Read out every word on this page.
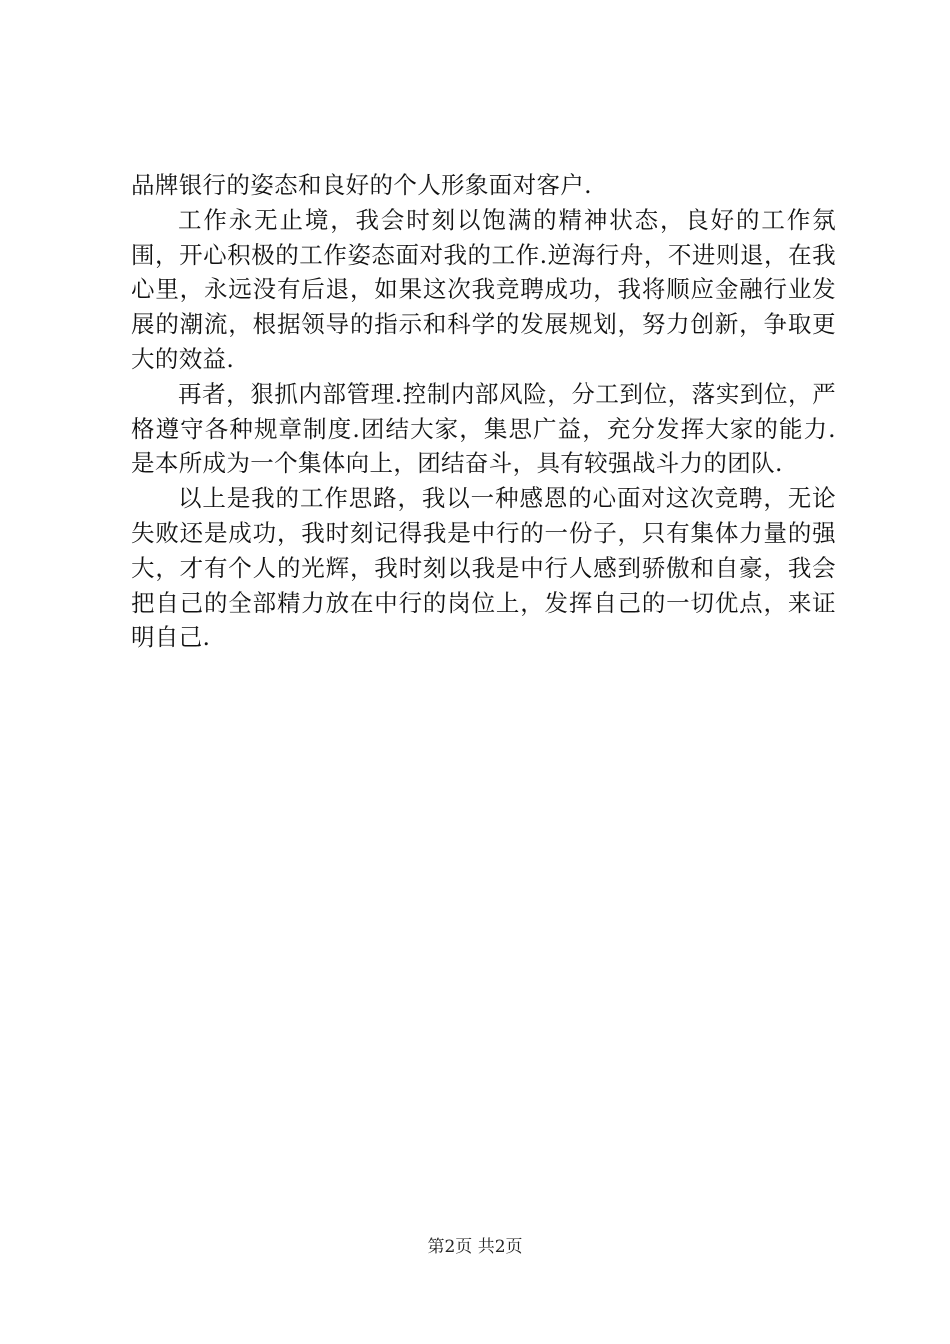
品牌银行的姿态和良好的个人形象面对客户.

工作永无止境，我会时刻以饱满的精神状态，良好的工作氛围，开心积极的工作姿态面对我的工作.逆海行舟，不进则退，在我心里，永远没有后退，如果这次我竞聘成功，我将顺应金融行业发展的潮流，根据领导的指示和科学的发展规划，努力创新，争取更大的效益.

再者，狠抓内部管理.控制内部风险，分工到位，落实到位，严格遵守各种规章制度.团结大家，集思广益，充分发挥大家的能力.是本所成为一个集体向上，团结奋斗，具有较强战斗力的团队.

以上是我的工作思路，我以一种感恩的心面对这次竞聘，无论失败还是成功，我时刻记得我是中行的一份子，只有集体力量的强大，才有个人的光辉，我时刻以我是中行人感到骄傲和自豪，我会把自己的全部精力放在中行的岗位上，发挥自己的一切优点，来证明自己.

第2页 共2页
